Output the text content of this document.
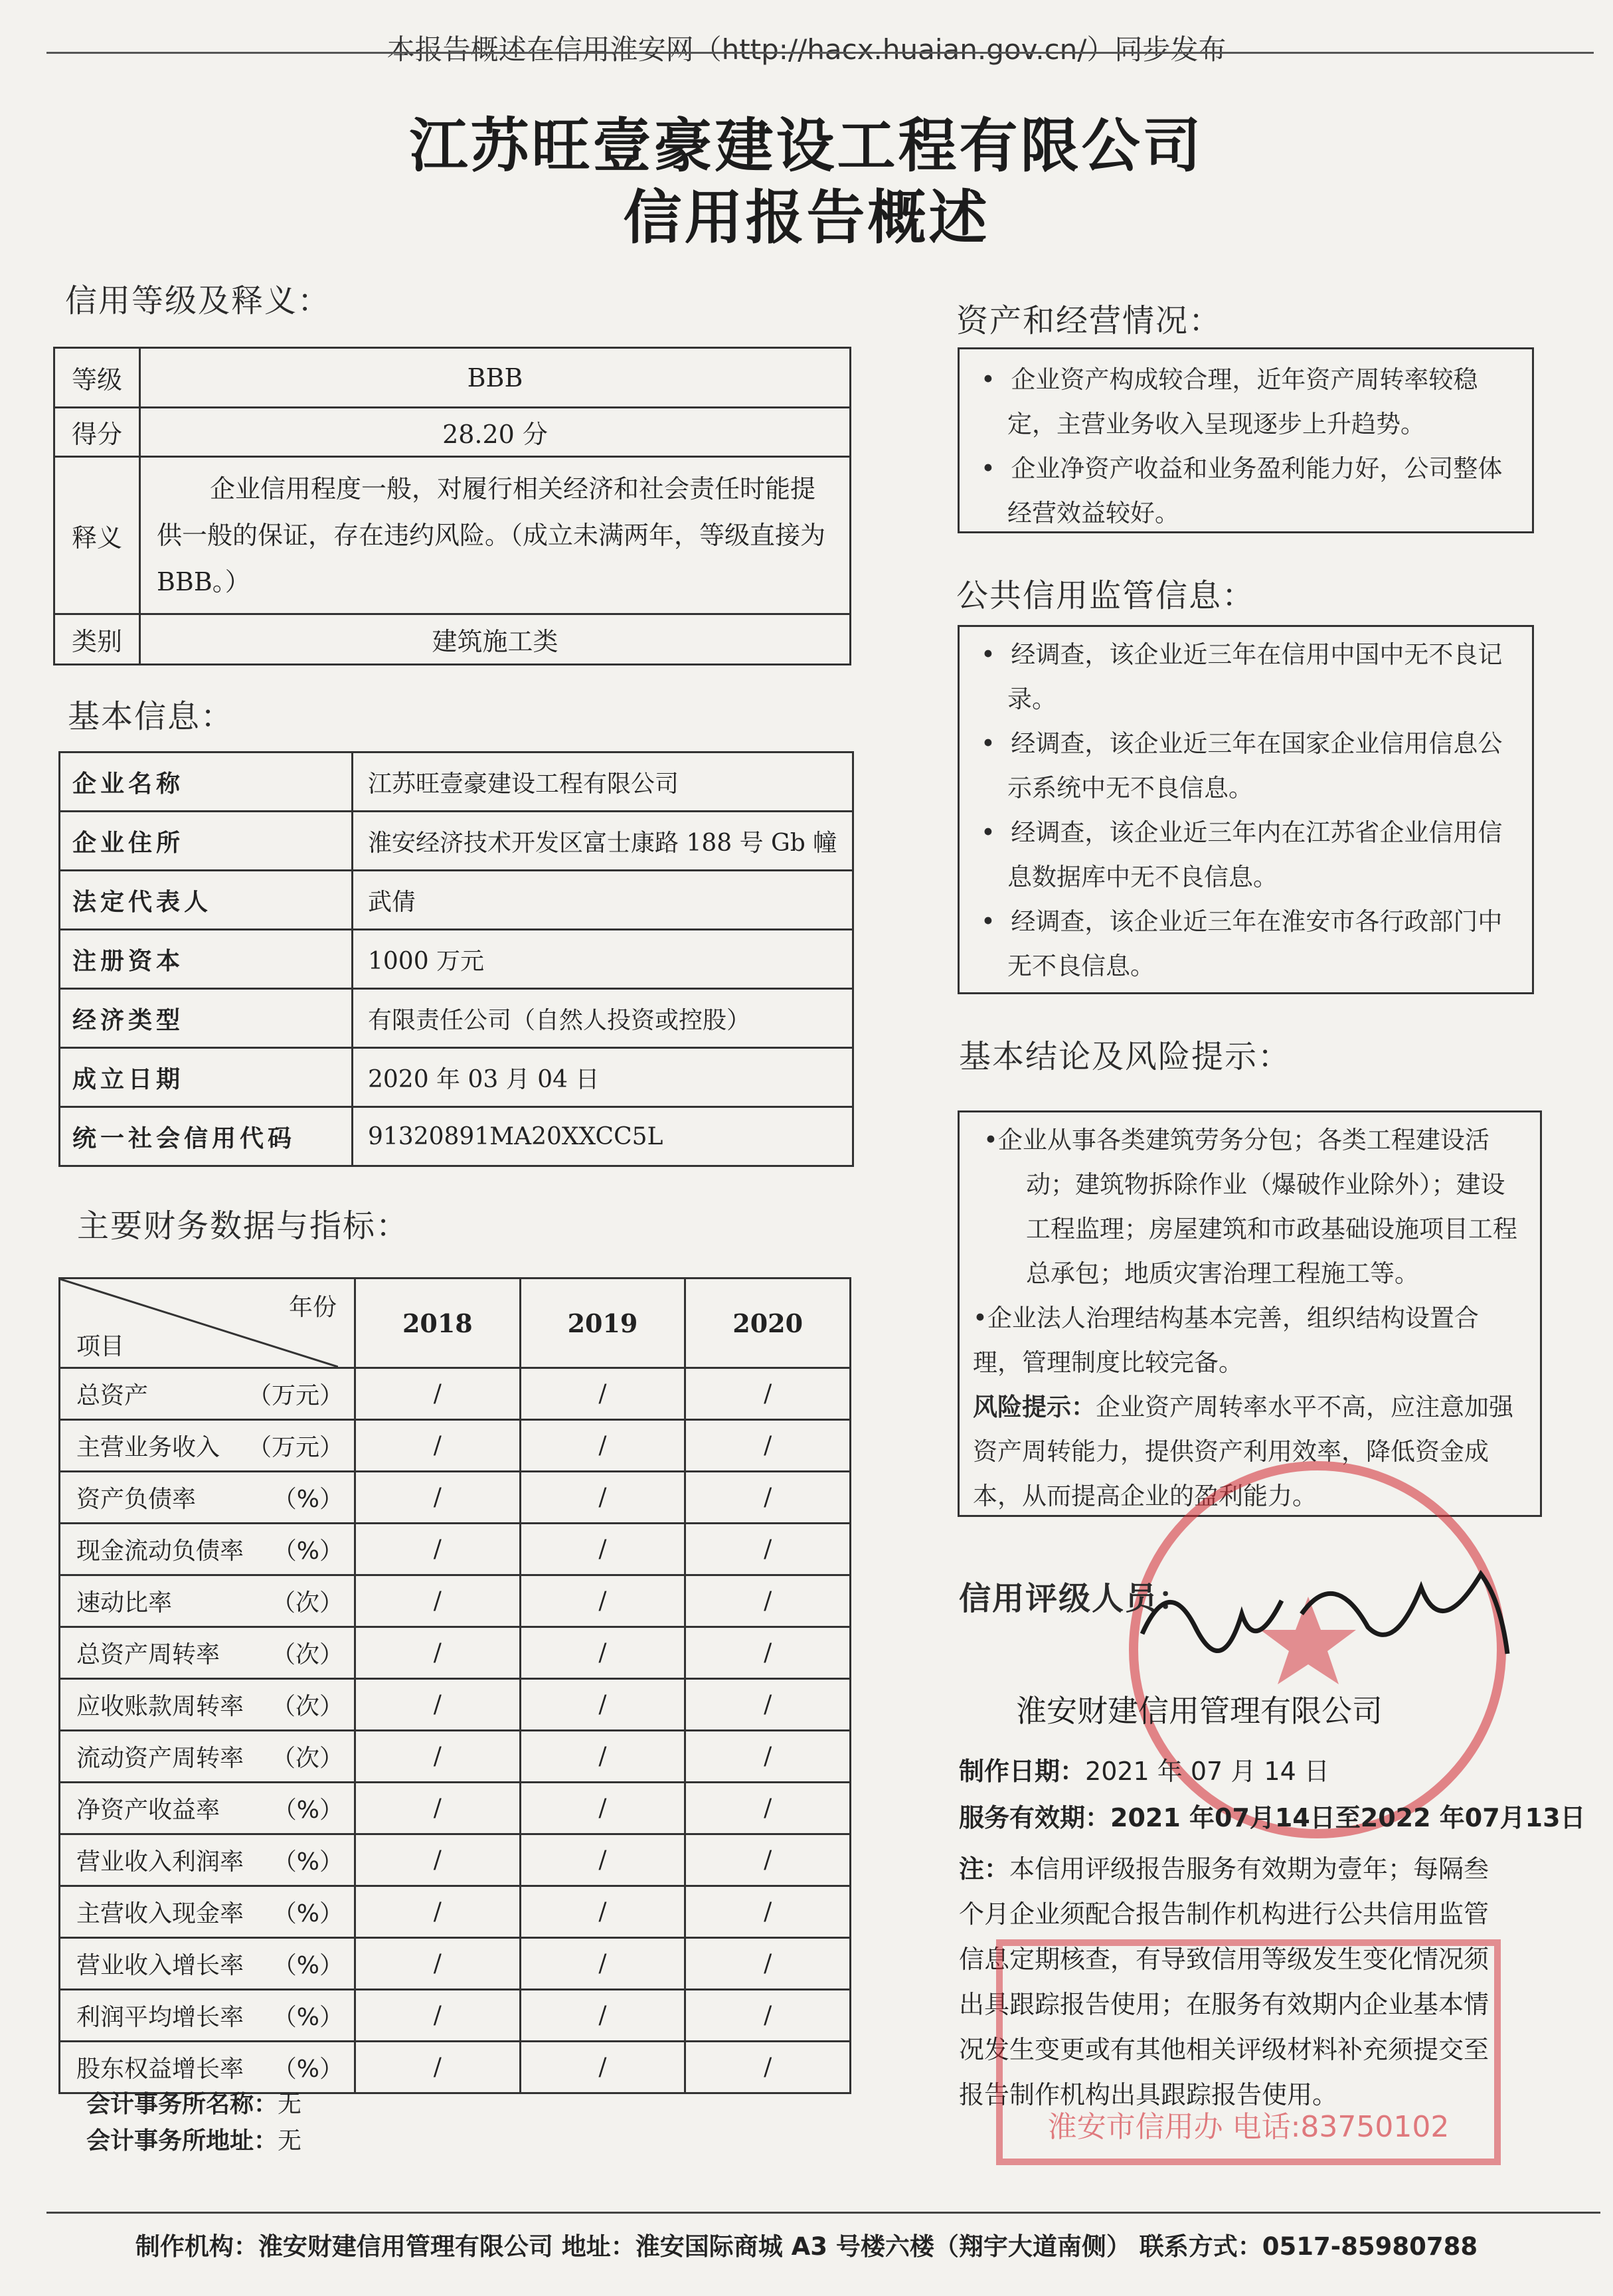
本报告概述在信用淮安网（http://hacx.huaian.gov.cn/）同步发布
江苏旺壹豪建设工程有限公司
信用报告概述
信用等级及释义：
等级	BBB
得分	28.20 分
释义	企业信用程度一般，对履行相关经济和社会责任时能提供一般的保证，存在违约风险。（成立未满两年，等级直接为 BBB。）
类别	建筑施工类
基本信息：
企业名称	江苏旺壹豪建设工程有限公司
企业住所	淮安经济技术开发区富士康路 188 号 Gb 幢
法定代表人	武倩
注册资本	1000 万元
经济类型	有限责任公司（自然人投资或控股）
成立日期	2020 年 03 月 04 日
统一社会信用代码	91320891MA20XXCC5L
主要财务数据与指标：
年份
项目	2018	2019	2020
总资产 （万元）	/	/	/
主营业务收入 （万元）	/	/	/
资产负债率 （%）	/	/	/
现金流动负债率 （%）	/	/	/
速动比率 （次）	/	/	/
总资产周转率 （次）	/	/	/
应收账款周转率 （次）	/	/	/
流动资产周转率 （次）	/	/	/
净资产收益率 （%）	/	/	/
营业收入利润率 （%）	/	/	/
主营收入现金率 （%）	/	/	/
营业收入增长率 （%）	/	/	/
利润平均增长率 （%）	/	/	/
股东权益增长率 （%）	/	/	/
会计事务所名称：无
会计事务所地址：无
资产和经营情况：

•  企业资产构成较合理，近年资产周转率较稳定，主营业务收入呈现逐步上升趋势。

•  企业净资产收益和业务盈利能力好，公司整体经营效益较好。

公共信用监管信息：

•  经调查，该企业近三年在信用中国中无不良记录。

•  经调查，该企业近三年在国家企业信用信息公示系统中无不良信息。

•  经调查，该企业近三年内在江苏省企业信用信息数据库中无不良信息。

•  经调查，该企业近三年在淮安市各行政部门中无不良信息。

基本结论及风险提示：

•企业从事各类建筑劳务分包；各类工程建设活动；建筑物拆除作业（爆破作业除外）；建设工程监理；房屋建筑和市政基础设施项目工程总承包；地质灾害治理工程施工等。

•企业法人治理结构基本完善，组织结构设置合理，管理制度比较完备。

风险提示：企业资产周转率水平不高，应注意加强资产周转能力，提供资产利用效率，降低资金成本，从而提高企业的盈利能力。

信用评级人员：
淮安财建信用管理有限公司
制作日期：2021 年 07 月 14 日
服务有效期：2021 年07月14日至2022 年07月13日
注：本信用评级报告服务有效期为壹年；每隔叁个月企业须配合报告制作机构进行公共信用监管信息定期核查，有导致信用等级发生变化情况须出具跟踪报告使用；在服务有效期内企业基本情况发生变更或有其他相关评级材料补充须提交至报告制作机构出具跟踪报告使用。
淮安市信用办 电话:83750102
制作机构：淮安财建信用管理有限公司 地址：淮安国际商城 A3 号楼六楼（翔宇大道南侧） 联系方式：0517-85980788
